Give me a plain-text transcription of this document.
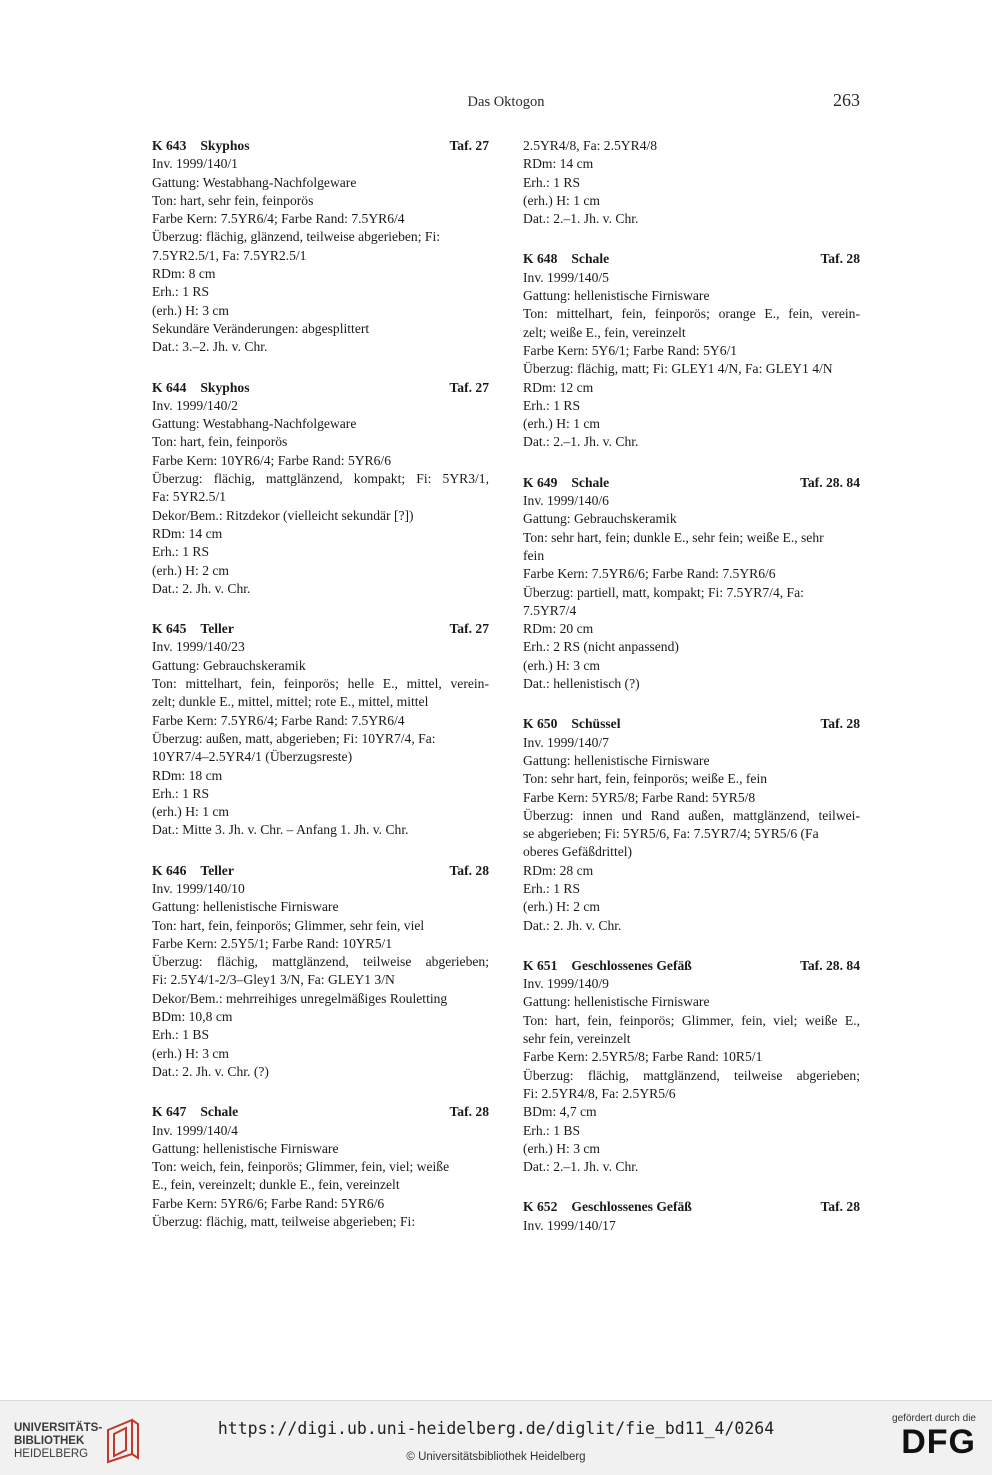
Das Oktogon	263
K 643 Skyphos	Taf. 27
Inv. 1999/140/1
Gattung: Westabhang-Nachfolgeware
Ton: hart, sehr fein, feinporös
Farbe Kern: 7.5YR6/4; Farbe Rand: 7.5YR6/4
Überzug: flächig, glänzend, teilweise abgerieben; Fi:
7.5YR2.5/1, Fa: 7.5YR2.5/1
RDm: 8 cm
Erh.: 1 RS
(erh.) H: 3 cm
Sekundäre Veränderungen: abgesplittert
Dat.: 3.–2. Jh. v. Chr.
K 644 Skyphos	Taf. 27
Inv. 1999/140/2
Gattung: Westabhang-Nachfolgeware
Ton: hart, fein, feinporös
Farbe Kern: 10YR6/4; Farbe Rand: 5YR6/6
Überzug: flächig, mattglänzend, kompakt; Fi: 5YR3/1,
Fa: 5YR2.5/1
Dekor/Bem.: Ritzdekor (vielleicht sekundär [?])
RDm: 14 cm
Erh.: 1 RS
(erh.) H: 2 cm
Dat.: 2. Jh. v. Chr.
K 645 Teller	Taf. 27
Inv. 1999/140/23
Gattung: Gebrauchskeramik
Ton: mittelhart, fein, feinporös; helle E., mittel, verein-
zelt; dunkle E., mittel, mittel; rote E., mittel, mittel
Farbe Kern: 7.5YR6/4; Farbe Rand: 7.5YR6/4
Überzug: außen, matt, abgerieben; Fi: 10YR7/4, Fa:
10YR7/4–2.5YR4/1 (Überzugsreste)
RDm: 18 cm
Erh.: 1 RS
(erh.) H: 1 cm
Dat.: Mitte 3. Jh. v. Chr. – Anfang 1. Jh. v. Chr.
K 646 Teller	Taf. 28
Inv. 1999/140/10
Gattung: hellenistische Firnisware
Ton: hart, fein, feinporös; Glimmer, sehr fein, viel
Farbe Kern: 2.5Y5/1; Farbe Rand: 10YR5/1
Überzug: flächig, mattglänzend, teilweise abgerieben;
Fi: 2.5Y4/1-2/3–Gley1 3/N, Fa: GLEY1 3/N
Dekor/Bem.: mehrreihiges unregelmäßiges Rouletting
BDm: 10,8 cm
Erh.: 1 BS
(erh.) H: 3 cm
Dat.: 2. Jh. v. Chr. (?)
K 647 Schale	Taf. 28
Inv. 1999/140/4
Gattung: hellenistische Firnisware
Ton: weich, fein, feinporös; Glimmer, fein, viel; weiße
E., fein, vereinzelt; dunkle E., fein, vereinzelt
Farbe Kern: 5YR6/6; Farbe Rand: 5YR6/6
Überzug: flächig, matt, teilweise abgerieben; Fi:
2.5YR4/8, Fa: 2.5YR4/8
RDm: 14 cm
Erh.: 1 RS
(erh.) H: 1 cm
Dat.: 2.–1. Jh. v. Chr.
K 648 Schale	Taf. 28
Inv. 1999/140/5
Gattung: hellenistische Firnisware
Ton: mittelhart, fein, feinporös; orange E., fein, verein-
zelt; weiße E., fein, vereinzelt
Farbe Kern: 5Y6/1; Farbe Rand: 5Y6/1
Überzug: flächig, matt; Fi: GLEY1 4/N, Fa: GLEY1 4/N
RDm: 12 cm
Erh.: 1 RS
(erh.) H: 1 cm
Dat.: 2.–1. Jh. v. Chr.
K 649 Schale	Taf. 28. 84
Inv. 1999/140/6
Gattung: Gebrauchskeramik
Ton: sehr hart, fein; dunkle E., sehr fein; weiße E., sehr
fein
Farbe Kern: 7.5YR6/6; Farbe Rand: 7.5YR6/6
Überzug: partiell, matt, kompakt; Fi: 7.5YR7/4, Fa:
7.5YR7/4
RDm: 20 cm
Erh.: 2 RS (nicht anpassend)
(erh.) H: 3 cm
Dat.: hellenistisch (?)
K 650 Schüssel	Taf. 28
Inv. 1999/140/7
Gattung: hellenistische Firnisware
Ton: sehr hart, fein, feinporös; weiße E., fein
Farbe Kern: 5YR5/8; Farbe Rand: 5YR5/8
Überzug: innen und Rand außen, mattglänzend, teilwei-
se abgerieben; Fi: 5YR5/6, Fa: 7.5YR7/4; 5YR5/6 (Fa
oberes Gefäßdrittel)
RDm: 28 cm
Erh.: 1 RS
(erh.) H: 2 cm
Dat.: 2. Jh. v. Chr.
K 651 Geschlossenes Gefäß	Taf. 28. 84
Inv. 1999/140/9
Gattung: hellenistische Firnisware
Ton: hart, fein, feinporös; Glimmer, fein, viel; weiße E.,
sehr fein, vereinzelt
Farbe Kern: 2.5YR5/8; Farbe Rand: 10R5/1
Überzug: flächig, mattglänzend, teilweise abgerieben;
Fi: 2.5YR4/8, Fa: 2.5YR5/6
BDm: 4,7 cm
Erh.: 1 BS
(erh.) H: 3 cm
Dat.: 2.–1. Jh. v. Chr.
K 652 Geschlossenes Gefäß	Taf. 28
Inv. 1999/140/17
UNIVERSITÄTS-
BIBLIOTHEK
HEIDELBERG
https://digi.ub.uni-heidelberg.de/diglit/fie_bd11_4/0264
© Universitätsbibliothek Heidelberg
gefördert durch die
DFG
